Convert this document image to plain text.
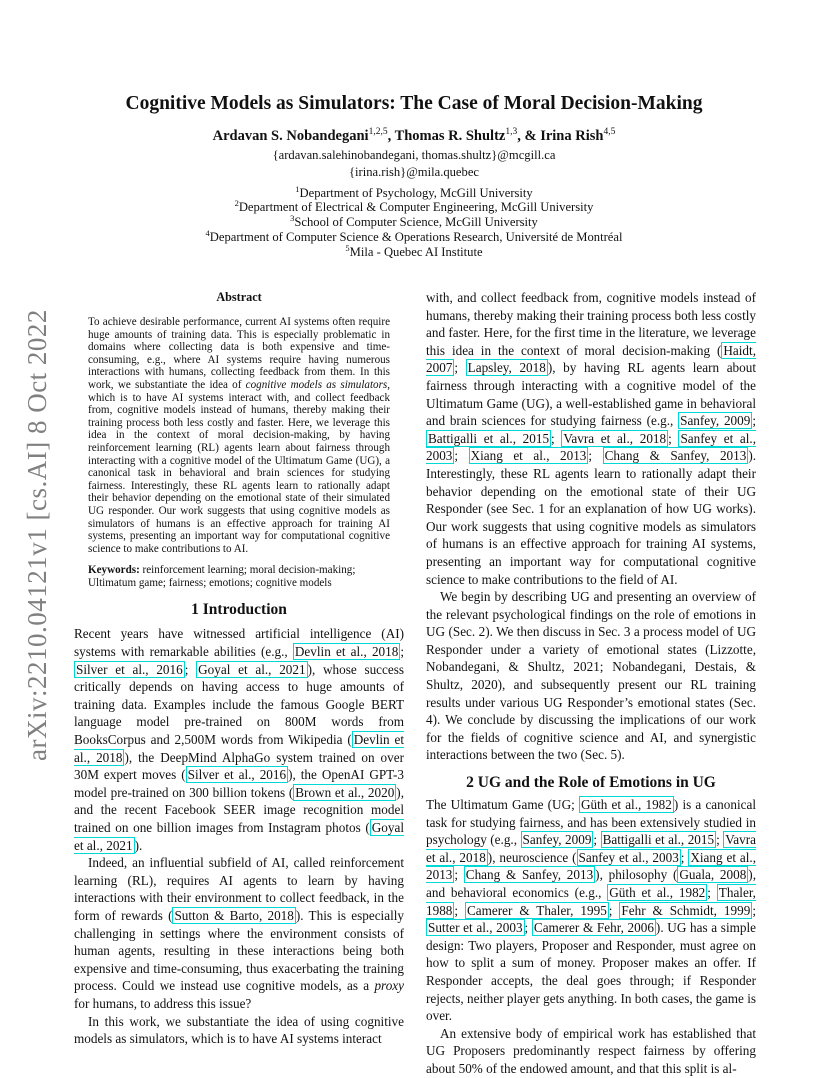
arXiv:2210.04121v1 [cs.AI] 8 Oct 2022
Cognitive Models as Simulators: The Case of Moral Decision-Making
Ardavan S. Nobandegani$^{1,2,5}$, Thomas R. Shultz$^{1,3}$, & Irina Rish$^{4,5}$
{ardavan.salehinobandegani, thomas.shultz}@mcgill.ca
{irina.rish}@mila.quebec
$^1$Department of Psychology, McGill University
$^2$Department of Electrical & Computer Engineering, McGill University
$^3$School of Computer Science, McGill University
$^4$Department of Computer Science & Operations Research, Université de Montréal
$^5$Mila - Quebec AI Institute
Abstract
To achieve desirable performance, current AI systems often require huge amounts of training data. This is especially problematic in domains where collecting data is both expensive and time-consuming, e.g., where AI systems require having numerous interactions with humans, collecting feedback from them. In this work, we substantiate the idea of cognitive models as simulators, which is to have AI systems interact with, and collect feedback from, cognitive models instead of humans, thereby making their training process both less costly and faster. Here, we leverage this idea in the context of moral decision-making, by having reinforcement learning (RL) agents learn about fairness through interacting with a cognitive model of the Ultimatum Game (UG), a canonical task in behavioral and brain sciences for studying fairness. Interestingly, these RL agents learn to rationally adapt their behavior depending on the emotional state of their simulated UG responder. Our work suggests that using cognitive models as simulators of humans is an effective approach for training AI systems, presenting an important way for computational cognitive science to make contributions to AI.
Keywords: reinforcement learning; moral decision-making; Ultimatum game; fairness; emotions; cognitive models
1 Introduction

Recent years have witnessed artificial intelligence (AI) systems with remarkable abilities (e.g., Devlin et al., 2018 ; Silver et al., 2016 ; Goyal et al., 2021 ), whose success critically depends on having access to huge amounts of training data. Examples include the famous Google BERT language model pre-trained on 800M words from BooksCorpus and 2,500M words from Wikipedia ( Devlin et al., 2018 ), the DeepMind AlphaGo system trained on over 30M expert moves ( Silver et al., 2016 ), the OpenAI GPT-3 model pre-trained on 300 billion tokens ( Brown et al., 2020 ), and the recent Facebook SEER image recognition model trained on one billion images from Instagram photos ( Goyal et al., 2021 ).

Indeed, an influential subfield of AI, called reinforcement learning (RL), requires AI agents to learn by having interactions with their environment to collect feedback, in the form of rewards ( Sutton & Barto, 2018 ). This is especially challenging in settings where the environment consists of human agents, resulting in these interactions being both expensive and time-consuming, thus exacerbating the training process. Could we instead use cognitive models, as a proxy for humans, to address this issue?

In this work, we substantiate the idea of using cognitive models as simulators, which is to have AI systems interact

with, and collect feedback from, cognitive models instead of humans, thereby making their training process both less costly and faster. Here, for the first time in the literature, we leverage this idea in the context of moral decision-making ( Haidt, 2007 ; Lapsley, 2018 ), by having RL agents learn about fairness through interacting with a cognitive model of the Ultimatum Game (UG), a well-established game in behavioral and brain sciences for studying fairness (e.g., Sanfey, 2009 ; Battigalli et al., 2015 ; Vavra et al., 2018 ; Sanfey et al., 2003 ; Xiang et al., 2013 ; Chang & Sanfey, 2013 ). Interestingly, these RL agents learn to rationally adapt their behavior depending on the emotional state of their UG Responder (see Sec. 1 for an explanation of how UG works). Our work suggests that using cognitive models as simulators of humans is an effective approach for training AI systems, presenting an important way for computational cognitive science to make contributions to the field of AI.

We begin by describing UG and presenting an overview of the relevant psychological findings on the role of emotions in UG (Sec. 2). We then discuss in Sec. 3 a process model of UG Responder under a variety of emotional states (Lizzotte, Nobandegani, & Shultz, 2021; Nobandegani, Destais, & Shultz, 2020), and subsequently present our RL training results under various UG Responder’s emotional states (Sec. 4). We conclude by discussing the implications of our work for the fields of cognitive science and AI, and synergistic interactions between the two (Sec. 5).

2 UG and the Role of Emotions in UG

The Ultimatum Game (UG; Güth et al., 1982 ) is a canonical task for studying fairness, and has been extensively studied in psychology (e.g., Sanfey, 2009 ; Battigalli et al., 2015 ; Vavra et al., 2018 ), neuroscience ( Sanfey et al., 2003 ; Xiang et al., 2013 ; Chang & Sanfey, 2013 ), philosophy ( Guala, 2008 ), and behavioral economics (e.g., Güth et al., 1982 ; Thaler, 1988 ; Camerer & Thaler, 1995 ; Fehr & Schmidt, 1999 ; Sutter et al., 2003 ; Camerer & Fehr, 2006 ). UG has a simple design: Two players, Proposer and Responder, must agree on how to split a sum of money. Proposer makes an offer. If Responder accepts, the deal goes through; if Responder rejects, neither player gets anything. In both cases, the game is over.

An extensive body of empirical work has established that UG Proposers predominantly respect fairness by offering about 50% of the endowed amount, and that this split is al-
